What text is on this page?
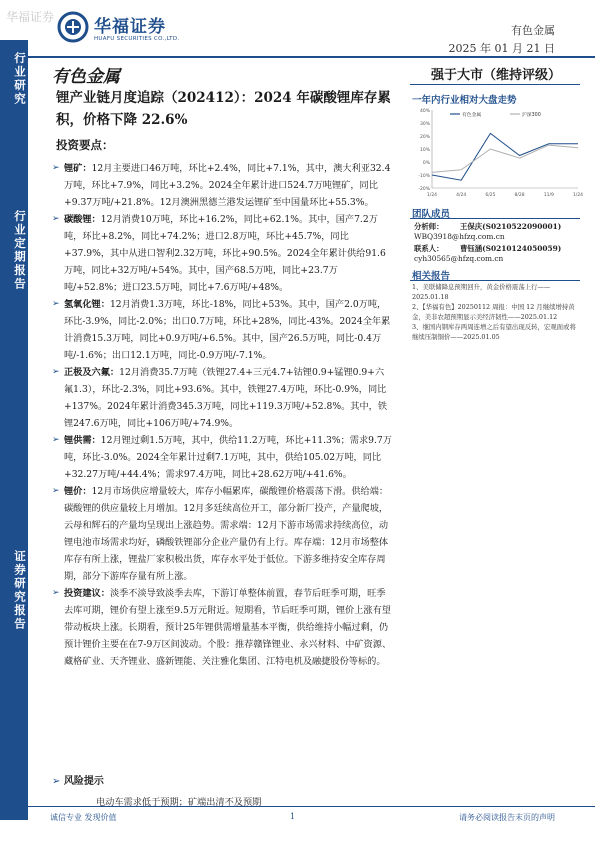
华福证券 华福证券
HUAFU SECURITIES CO.,LTD.
有色金属
2025 年 01 月 21 日
行业研究
行业定期报告
证券研究报告
有色金属
锂产业链月度追踪（202412）：2024 年碳酸锂库存累积，价格下降 22.6%
投资要点：
➢ 锂矿：12月主要进口46万吨，环比+2.4%，同比+7.1%，其中，澳大利亚32.4万吨，环比+7.9%，同比+3.2%。2024全年累计进口524.7万吨锂矿，同比+9.37万吨/+21.8%。12月澳洲黑德兰港发运锂矿至中国量环比+55.3%。
➢ 碳酸锂：12月消费10万吨，环比+16.2%，同比+62.1%。其中，国产7.2万吨，环比+8.2%，同比+74.2%；进口2.8万吨，环比+45.7%，同比+37.9%，其中从进口智利2.32万吨，环比+90.5%。2024全年累计供给91.6万吨，同比+32万吨/+54%。其中，国产68.5万吨，同比+23.7万吨/+52.8%；进口23.5万吨，同比+7.6万吨/+48%。
➢ 氢氧化锂：12月消费1.3万吨，环比-18%，同比+53%。其中，国产2.0万吨，环比-3.9%，同比-2.0%；出口0.7万吨，环比+28%，同比-43%。2024全年累计消费15.3万吨，同比+0.9万吨/+6.5%。其中，国产26.5万吨，同比-0.4万吨/-1.6%；出口12.1万吨，同比-0.9万吨/-7.1%。
➢ 正极及六氟：12月消费35.7万吨（铁锂27.4+三元4.7+钴锂0.9+锰锂0.9+六氟1.3），环比-2.3%，同比+93.6%。其中，铁锂27.4万吨，环比-0.9%，同比+137%。2024年累计消费345.3万吨，同比+119.3万吨/+52.8%。其中，铁锂247.6万吨，同比+106万吨/+74.9%。
➢ 锂供需：12月锂过剩1.5万吨，其中，供给11.2万吨，环比+11.3%；需求9.7万吨，环比-3.0%。2024全年累计过剩7.1万吨，其中，供给105.02万吨，同比+32.27万吨/+44.4%；需求97.4万吨，同比+28.62万吨/+41.6%。
➢ 锂价：12月市场供应增量较大，库存小幅累库，碳酸锂价格震荡下滑。供给端：碳酸锂的供应量较上月增加。12月多廷续高位开工，部分新厂投产，产量爬坡，云母和辉石的产量均呈现出上涨趋势。需求端：12月下游市场需求持续高位，动锂电池市场需求均好，磷酸铁锂部分企业产量仍有上行。库存端：12月市场整体库存有所上涨，锂盐厂家积极出货，库存水平处于低位。下游多维持安全库存周期，部分下游库存量有所上涨。
➢ 投资建议：淡季不淡导致淡季去库，下游订单整体前置，春节后旺季可期，旺季去库可期，锂价有望上涨至9.5万元附近。短期看，节后旺季可期，锂价上涨有望带动板块上涨。长期看，预计25年锂供需增量基本平衡，供给维持小幅过剩，仍预计锂价主要在在7-9万区间波动。个股：推荐赣锋锂业、永兴材料、中矿资源、藏格矿业、天齐锂业、盛新锂能、关注雅化集团、江特电机及融捷股份等标的。
➢ 风险提示
电动车需求低于预期；矿端出清不及预期
强于大市（维持评级）
一年内行业相对大盘走势
40%
30%
20%
10%
0%
-10%
-20%
1/24	4/24	6/25	8/28	11/9	1/24
有色金属	沪深300
团队成员
分析师： 王保庆(S0210522090001)
WBQ3918@hfzq.com.cn
联系人： 曹钰涵(S0210124050059)
cyh30565@hfzq.com.cn
相关报告
1、美联储降息预期回升，黄金价格震荡上行——2025.01.18
2、【华福有色】20250112 周报：中国 12 月继续增持黄金，美非农超预期显示美经济韧性——2025.01.12
3、继国内钢库存两周连增之后有望出现反转，宏观面或将继续压制铜价——2025.01.05
诚信专业 发现价值	1	请务必阅读报告末页的声明
